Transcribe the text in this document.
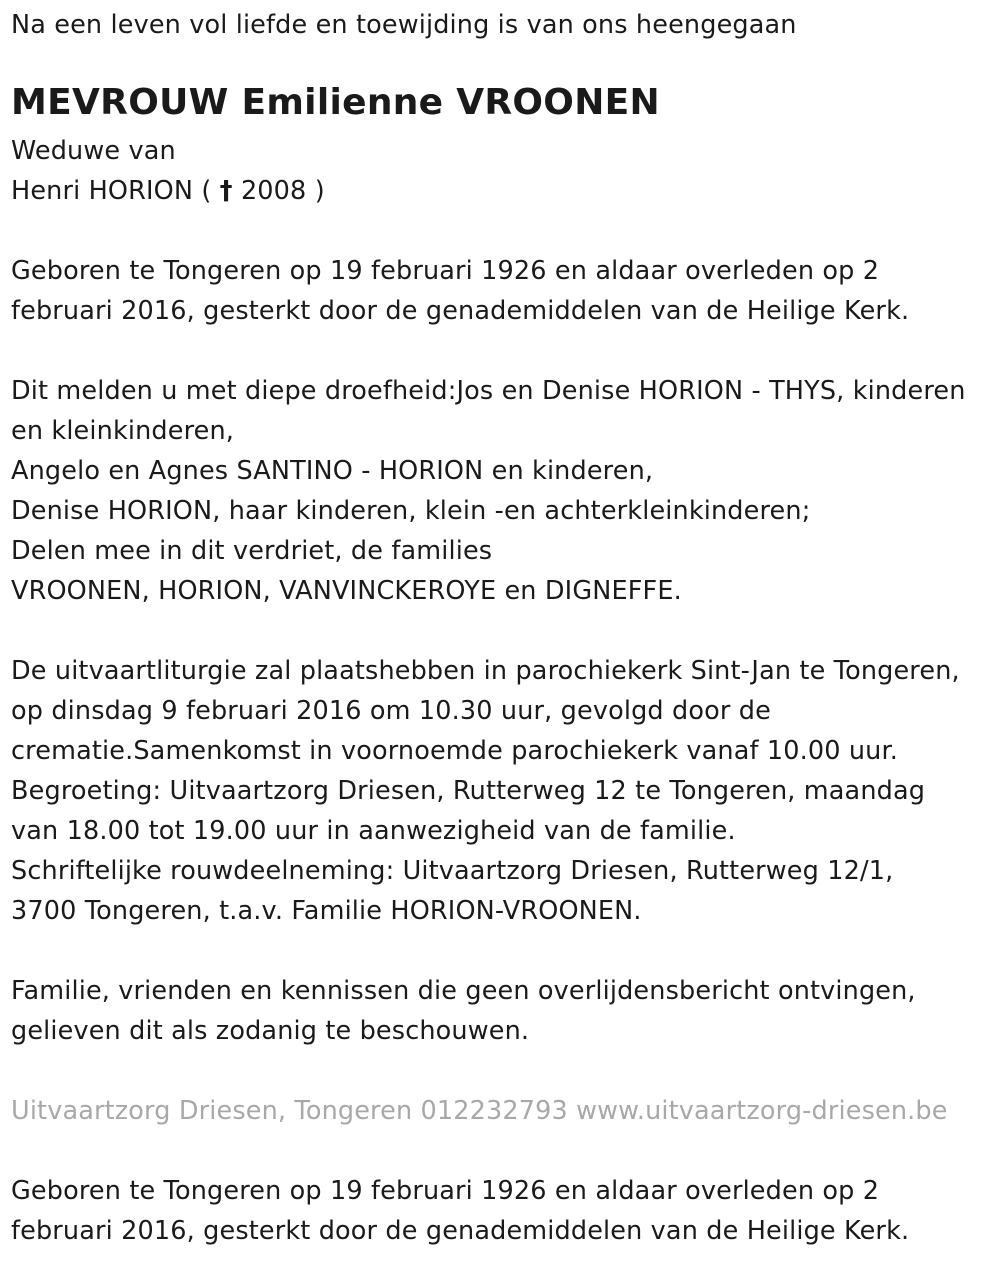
Na een leven vol liefde en toewijding is van ons heengegaan
MEVROUW Emilienne VROONEN
Weduwe van
Henri HORION ( † 2008 )
Geboren te Tongeren op 19 februari 1926 en aldaar overleden op 2
februari 2016, gesterkt door de genademiddelen van de Heilige Kerk.
Dit melden u met diepe droefheid:Jos en Denise HORION - THYS, kinderen
en kleinkinderen,
Angelo en Agnes SANTINO - HORION en kinderen,
Denise HORION, haar kinderen, klein -en achterkleinkinderen;
Delen mee in dit verdriet, de families
VROONEN, HORION, VANVINCKEROYE en DIGNEFFE.
De uitvaartliturgie zal plaatshebben in parochiekerk Sint-Jan te Tongeren,
op dinsdag 9 februari 2016 om 10.30 uur, gevolgd door de
crematie.Samenkomst in voornoemde parochiekerk vanaf 10.00 uur.
Begroeting: Uitvaartzorg Driesen, Rutterweg 12 te Tongeren, maandag
van 18.00 tot 19.00 uur in aanwezigheid van de familie.
Schriftelijke rouwdeelneming: Uitvaartzorg Driesen, Rutterweg 12/1,
3700 Tongeren, t.a.v. Familie HORION-VROONEN.
Familie, vrienden en kennissen die geen overlijdensbericht ontvingen,
gelieven dit als zodanig te beschouwen.
Uitvaartzorg Driesen, Tongeren 012232793 www.uitvaartzorg-driesen.be
Geboren te Tongeren op 19 februari 1926 en aldaar overleden op 2
februari 2016, gesterkt door de genademiddelen van de Heilige Kerk.
